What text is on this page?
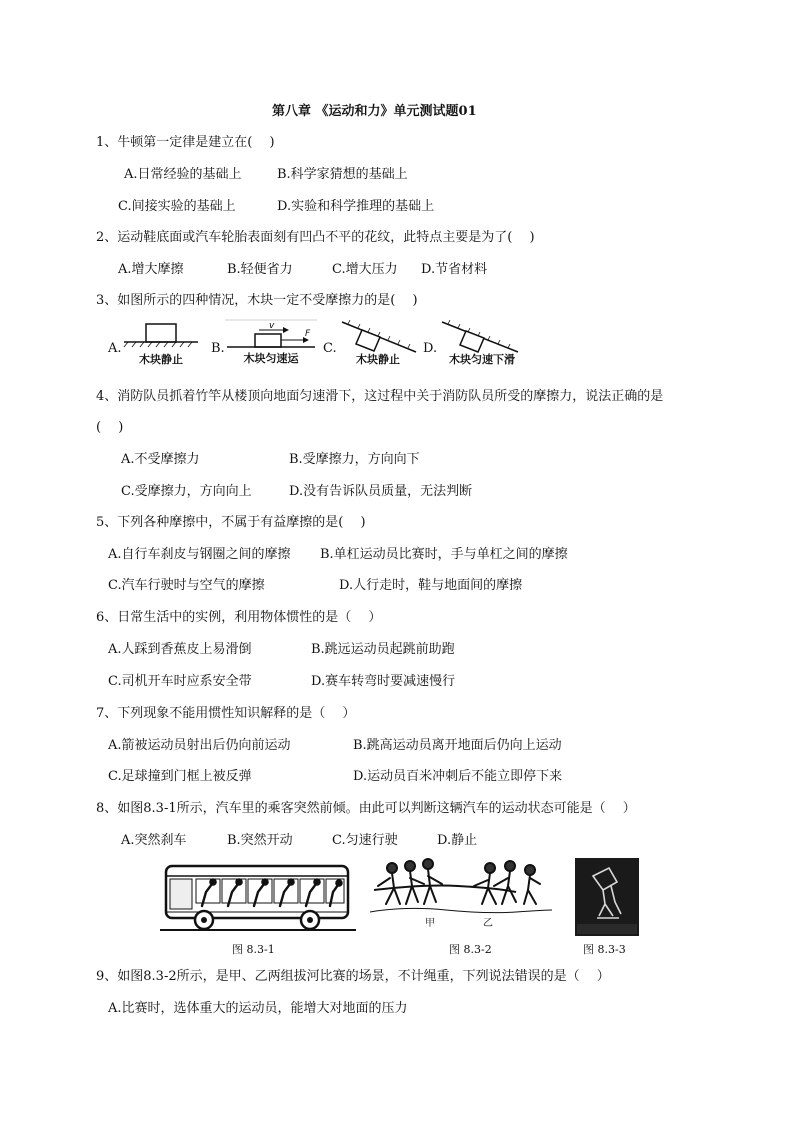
第八章 《运动和力》单元测试题01
1、牛顿第一定律是建立在(　 )
A.日常经验的基础上	B.科学家猜想的基础上
C.间接实验的基础上	D.实验和科学推理的基础上
2、运动鞋底面或汽车轮胎表面刻有凹凸不平的花纹，此特点主要是为了(　 )
A.增大摩擦	B.轻便省力	C.增大压力 D.节省材料
3、如图所示的四种情况，木块一定不受摩擦力的是(　 )
A.	B.	C.	D.
木块静止
v
F
木块匀速运	木块静止	木块匀速下滑
4、消防队员抓着竹竿从楼顶向地面匀速滑下，这过程中关于消防队员所受的摩擦力，说法正确的是
(　 )
A.不受摩擦力	B.受摩擦力，方向向下
C.受摩擦力，方向向上	D.没有告诉队员质量，无法判断
5、下列各种摩擦中，不属于有益摩擦的是(　 )
A.自行车刹皮与钢圈之间的摩擦 B.单杠运动员比赛时，手与单杠之间的摩擦
C.汽车行驶时与空气的摩擦	D.人行走时，鞋与地面间的摩擦
6、日常生活中的实例，利用物体惯性的是（　 ）
A.人踩到香蕉皮上易滑倒	B.跳远运动员起跳前助跑
C.司机开车时应系安全带	D.赛车转弯时要减速慢行
7、下列现象不能用惯性知识解释的是（　 ）
A.箭被运动员射出后仍向前运动	B.跳高运动员离开地面后仍向上运动
C.足球撞到门框上被反弹	D.运动员百米冲刺后不能立即停下来
8、如图8.3-1所示，汽车里的乘客突然前倾。由此可以判断这辆汽车的运动状态可能是（　 ）
A.突然刹车	B.突然开动	C.匀速行驶	D.静止
图 8.3-1
甲	乙
图 8.3-2	图 8.3-3
9、如图8.3-2所示，是甲、乙两组拔河比赛的场景，不计绳重，下列说法错误的是（　 ）
A.比赛时，选体重大的运动员，能增大对地面的压力
